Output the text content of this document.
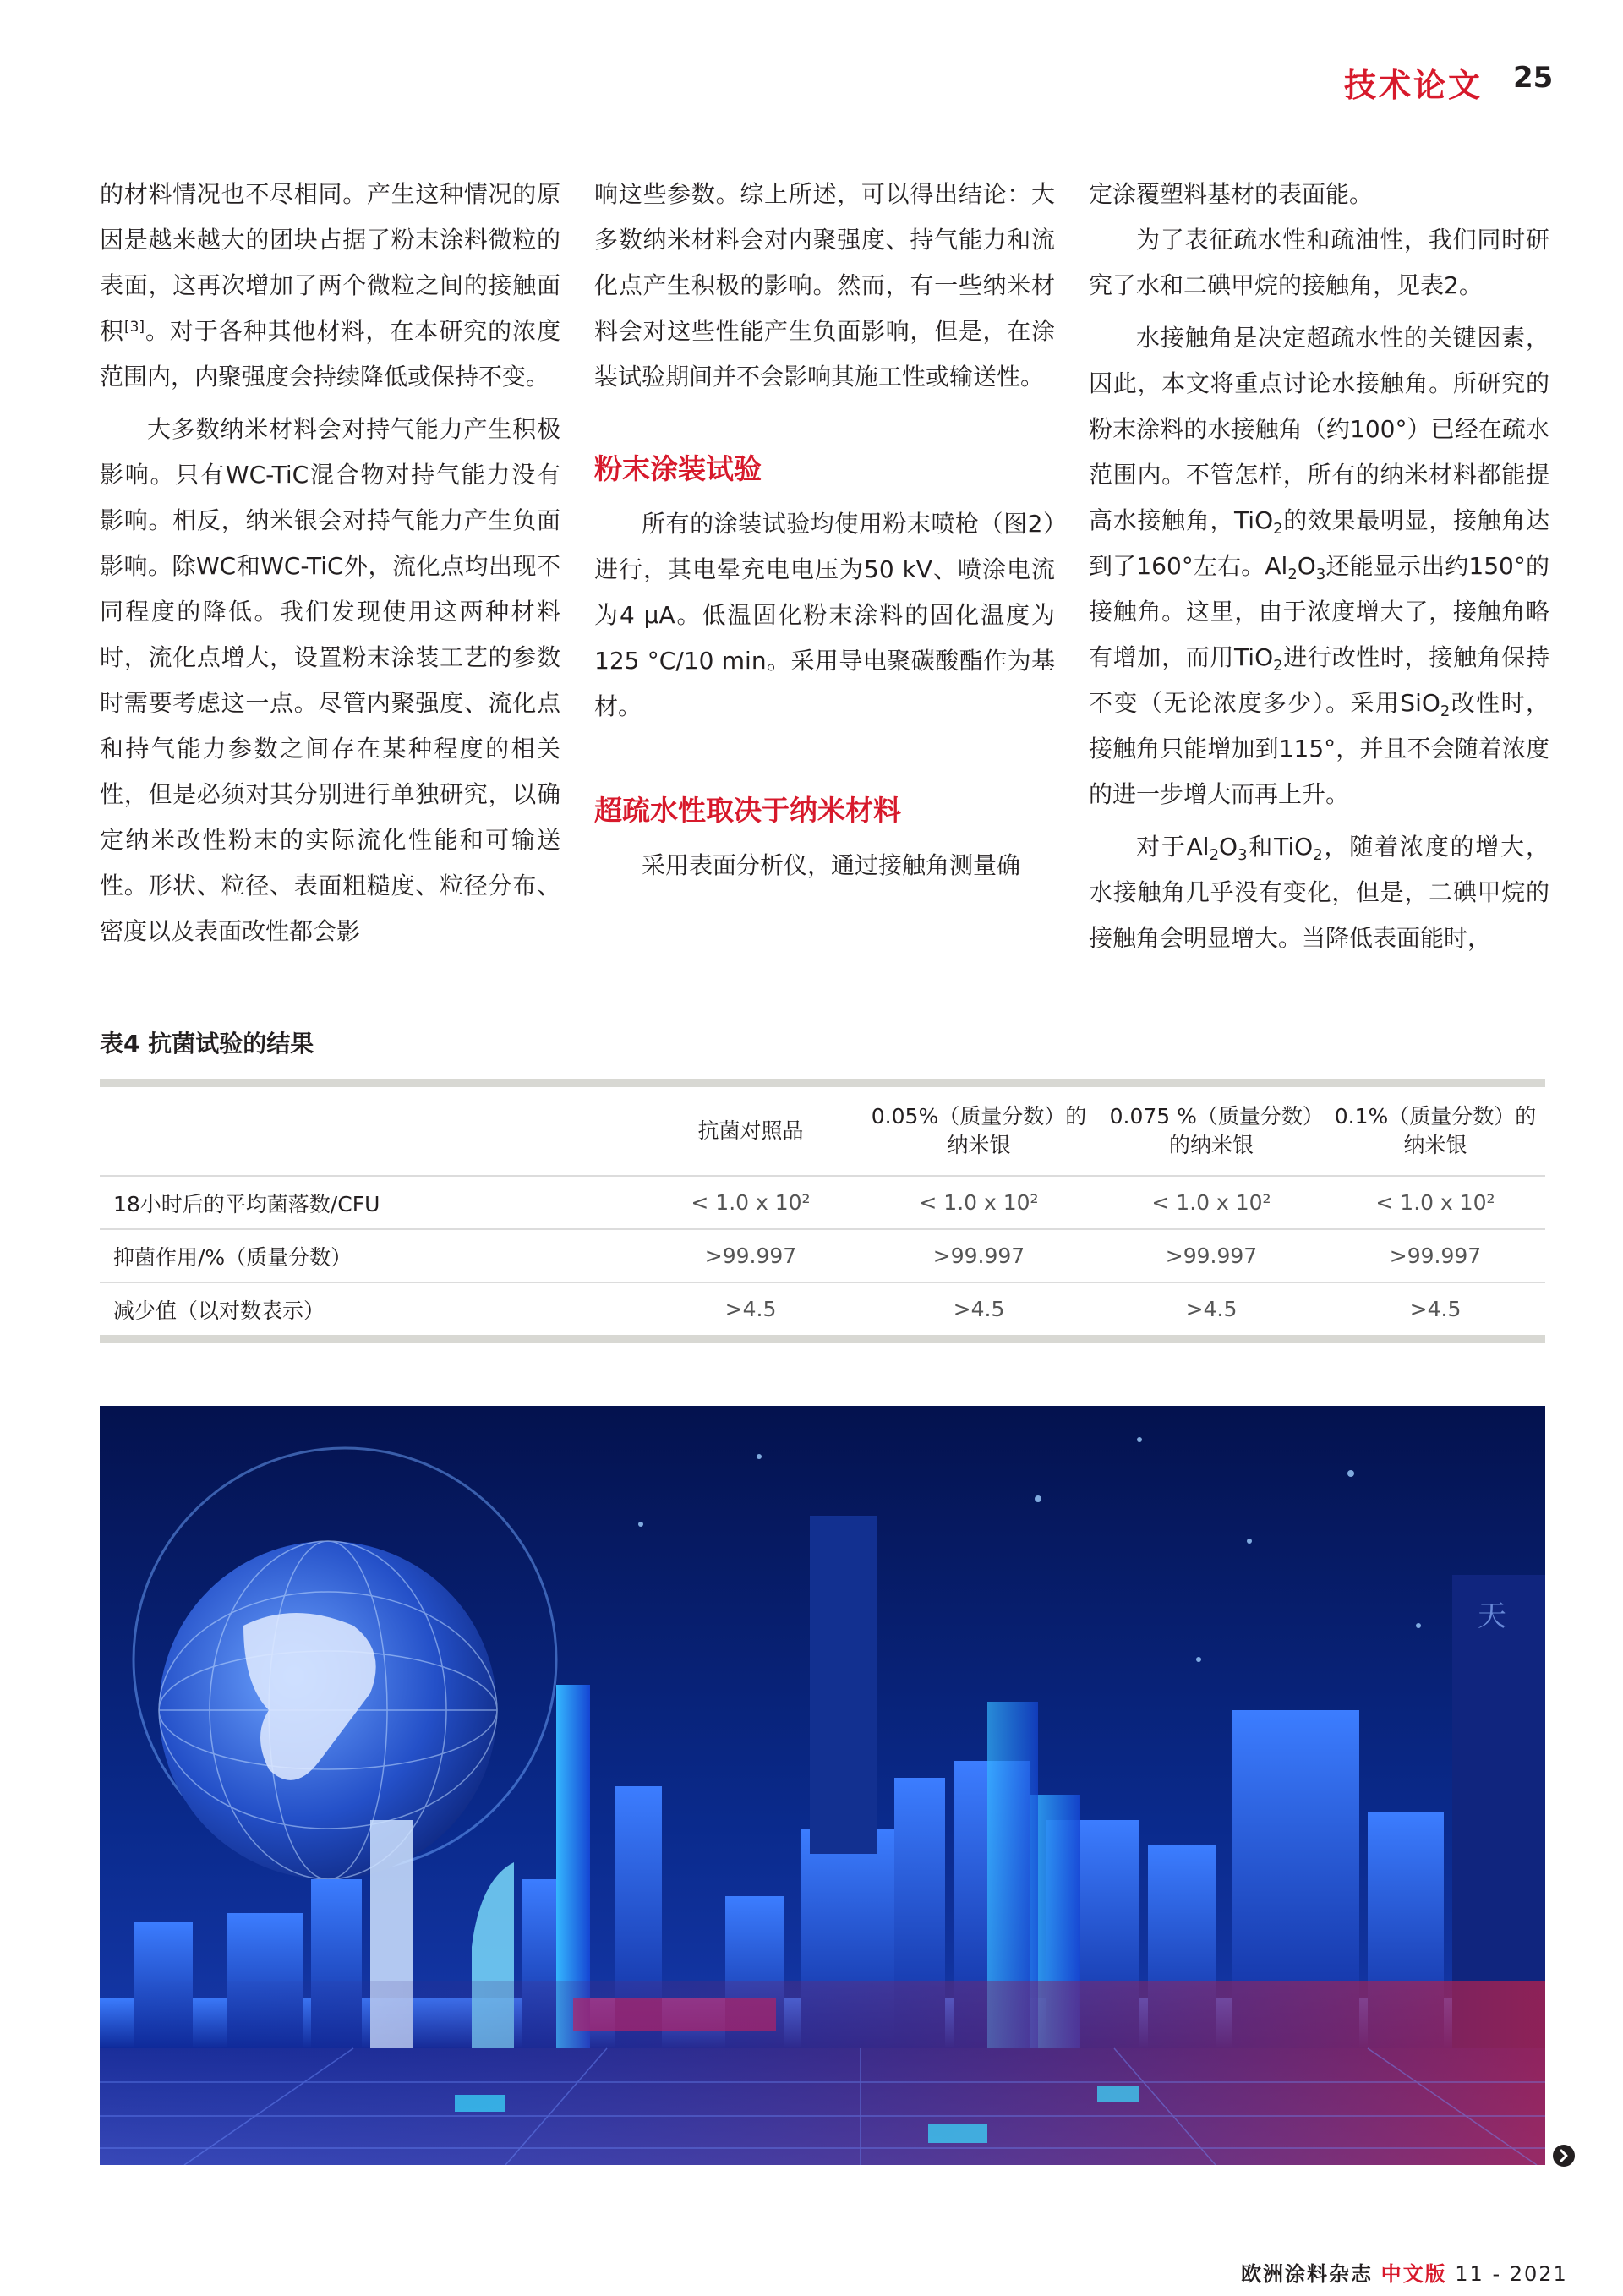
技术论文 25

的材料情况也不尽相同。产生这种情况的原因是越来越大的团块占据了粉末涂料微粒的表面，这再次增加了两个微粒之间的接触面积[3]。对于各种其他材料，在本研究的浓度范围内，内聚强度会持续降低或保持不变。

大多数纳米材料会对持气能力产生积极影响。只有WC-TiC混合物对持气能力没有影响。相反，纳米银会对持气能力产生负面影响。除WC和WC-TiC外，流化点均出现不同程度的降低。我们发现使用这两种材料时，流化点增大，设置粉末涂装工艺的参数时需要考虑这一点。尽管内聚强度、流化点和持气能力参数之间存在某种程度的相关性，但是必须对其分别进行单独研究，以确定纳米改性粉末的实际流化性能和可输送性。形状、粒径、表面粗糙度、粒径分布、密度以及表面改性都会影

响这些参数。综上所述，可以得出结论：大多数纳米材料会对内聚强度、持气能力和流化点产生积极的影响。然而，有一些纳米材料会对这些性能产生负面影响，但是，在涂装试验期间并不会影响其施工性或输送性。

粉末涂装试验

所有的涂装试验均使用粉末喷枪（图2）进行，其电晕充电电压为50 kV、喷涂电流为4 µA。低温固化粉末涂料的固化温度为125 °C/10 min。采用导电聚碳酸酯作为基材。

超疏水性取决于纳米材料

采用表面分析仪，通过接触角测量确

定涂覆塑料基材的表面能。

为了表征疏水性和疏油性，我们同时研究了水和二碘甲烷的接触角，见表2。

水接触角是决定超疏水性的关键因素，因此，本文将重点讨论水接触角。所研究的粉末涂料的水接触角（约100°）已经在疏水范围内。不管怎样，所有的纳米材料都能提高水接触角，TiO$_2$的效果最明显，接触角达到了160°左右。$Al_2O_3$还能显示出约150°的接触角。这里，由于浓度增大了，接触角略有增加，而用TiO$_2$进行改性时，接触角保持不变（无论浓度多少）。采用SiO$_2$改性时，接触角只能增加到115°，并且不会随着浓度的进一步增大而再上升。

对于$Al_2O_3$和TiO$_2$，随着浓度的增大，水接触角几乎没有变化，但是，二碘甲烷的接触角会明显增大。当降低表面能时，

表4 抗菌试验的结果
	抗菌对照品	0.05%（质量分数）的纳米银	0.075 %（质量分数）的纳米银	0.1%（质量分数）的纳米银
18小时后的平均菌落数/CFU	< 1.0 x 10²	< 1.0 x 10²	< 1.0 x 10²	< 1.0 x 10²
抑菌作用/%（质量分数）	>99.997	>99.997	>99.997	>99.997
减少值（以对数表示）	>4.5	>4.5	>4.5	>4.5
天
欧洲涂料杂志 中文版 11 - 2021
